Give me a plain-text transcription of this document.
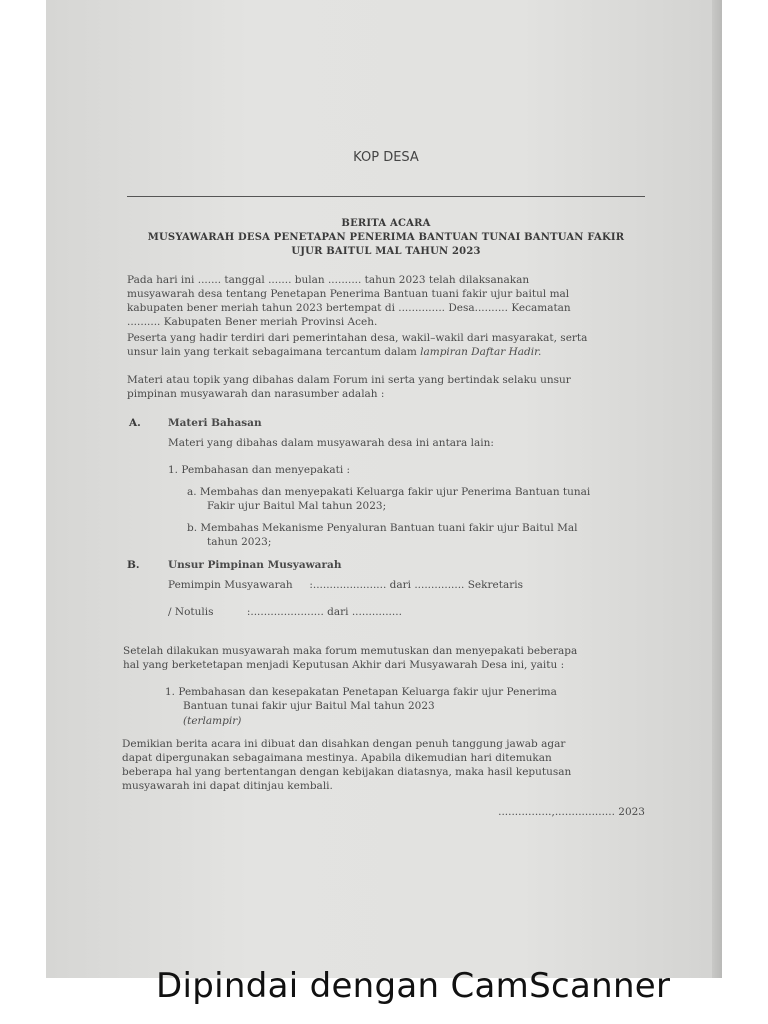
KOP DESA
BERITA ACARA
MUSYAWARAH DESA PENETAPAN PENERIMA BANTUAN TUNAI BANTUAN FAKIR
UJUR BAITUL MAL TAHUN 2023
Pada hari ini ....... tanggal ....... bulan .......... tahun 2023 telah dilaksanakan
musyawarah desa tentang Penetapan Penerima Bantuan tuani fakir ujur baitul mal
kabupaten bener meriah tahun 2023 bertempat di .............. Desa.......... Kecamatan
.......... Kabupaten Bener meriah Provinsi Aceh.
Peserta yang hadir terdiri dari pemerintahan desa, wakil–wakil dari masyarakat, serta
unsur lain yang terkait sebagaimana tercantum dalam lampiran Daftar Hadir.
Materi atau topik yang dibahas dalam Forum ini serta yang bertindak selaku unsur
pimpinan musyawarah dan narasumber adalah :
A.	Materi Bahasan
Materi yang dibahas dalam musyawarah desa ini antara lain:
1. Pembahasan dan menyepakati :
a. Membahas dan menyepakati Keluarga fakir ujur Penerima Bantuan tunai
Fakir ujur Baitul Mal tahun 2023;
b. Membahas Mekanisme Penyaluran Bantuan tuani fakir ujur Baitul Mal
tahun 2023;
B.	Unsur Pimpinan Musyawarah
Pemimpin Musyawarah     :...................... dari ............... Sekretaris
/ Notulis          :...................... dari ...............
Setelah dilakukan musyawarah maka forum memutuskan dan menyepakati beberapa
hal yang berketetapan menjadi Keputusan Akhir dari Musyawarah Desa ini, yaitu :
1. Pembahasan dan kesepakatan Penetapan Keluarga fakir ujur Penerima
Bantuan tunai fakir ujur Baitul Mal tahun 2023
(terlampir)
Demikian berita acara ini dibuat dan disahkan dengan penuh tanggung jawab agar
dapat dipergunakan sebagaimana mestinya. Apabila dikemudian hari ditemukan
beberapa hal yang bertentangan dengan kebijakan diatasnya, maka hasil keputusan
musyawarah ini dapat ditinjau kembali.
................,.................. 2023
Dipindai dengan CamScanner
